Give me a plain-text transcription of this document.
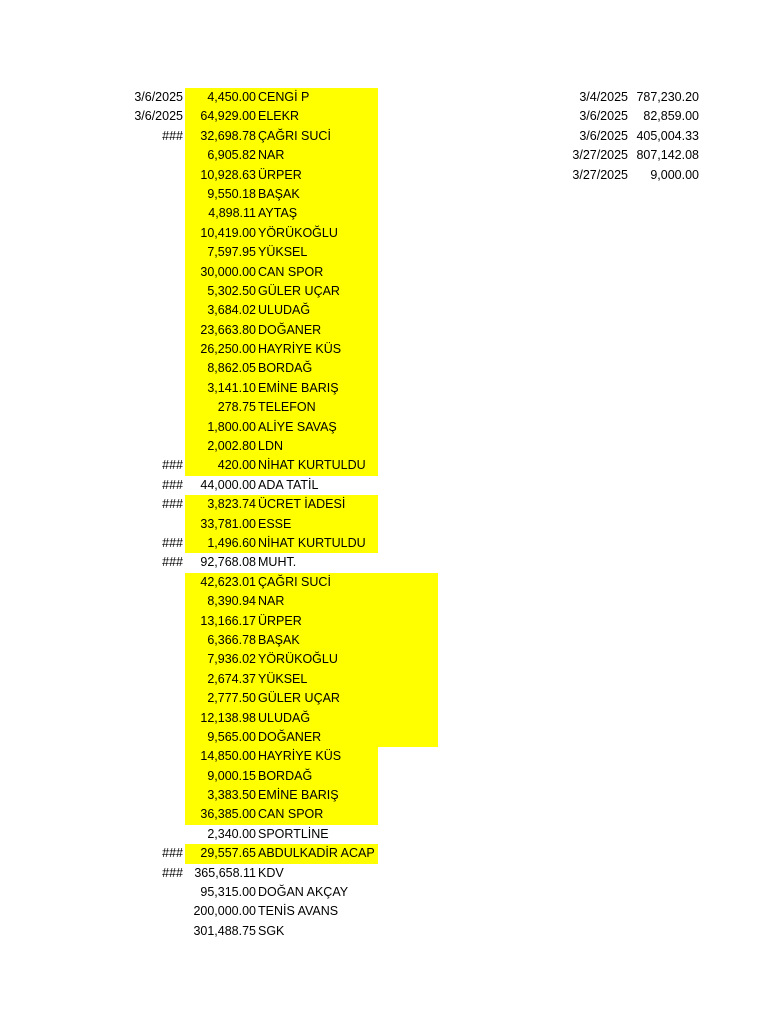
3/6/2025	4,450.00 CENGİ P	3/4/2025 787,230.20
3/6/2025	64,929.00 ELEKR	3/6/2025	82,859.00
###	32,698.78 ÇAĞRI SUCİ	3/6/2025 405,004.33
6,905.82 NAR	3/27/2025 807,142.08
10,928.63 ÜRPER	3/27/2025	9,000.00
9,550.18 BAŞAK
4,898.11 AYTAŞ
10,419.00 YÖRÜKOĞLU
7,597.95 YÜKSEL
30,000.00 CAN SPOR
5,302.50 GÜLER UÇAR
3,684.02 ULUDAĞ
23,663.80 DOĞANER
26,250.00 HAYRİYE KÜS
8,862.05 BORDAĞ
3,141.10 EMİNE BARIŞ
278.75 TELEFON
1,800.00 ALİYE SAVAŞ
2,002.80 LDN
###	420.00 NİHAT KURTULDU
###	44,000.00 ADA TATİL
###	3,823.74 ÜCRET İADESİ
33,781.00 ESSE
###	1,496.60 NİHAT KURTULDU
###	92,768.08 MUHT.
42,623.01 ÇAĞRI SUCİ
8,390.94 NAR
13,166.17 ÜRPER
6,366.78 BAŞAK
7,936.02 YÖRÜKOĞLU
2,674.37 YÜKSEL
2,777.50 GÜLER UÇAR
12,138.98 ULUDAĞ
9,565.00 DOĞANER
14,850.00 HAYRİYE KÜS
9,000.15 BORDAĞ
3,383.50 EMİNE BARIŞ
36,385.00 CAN SPOR
2,340.00 SPORTLİNE
###	29,557.65 ABDULKADİR ACAP
### 365,658.11 KDV
95,315.00 DOĞAN AKÇAY
200,000.00 TENİS AVANS
301,488.75 SGK
